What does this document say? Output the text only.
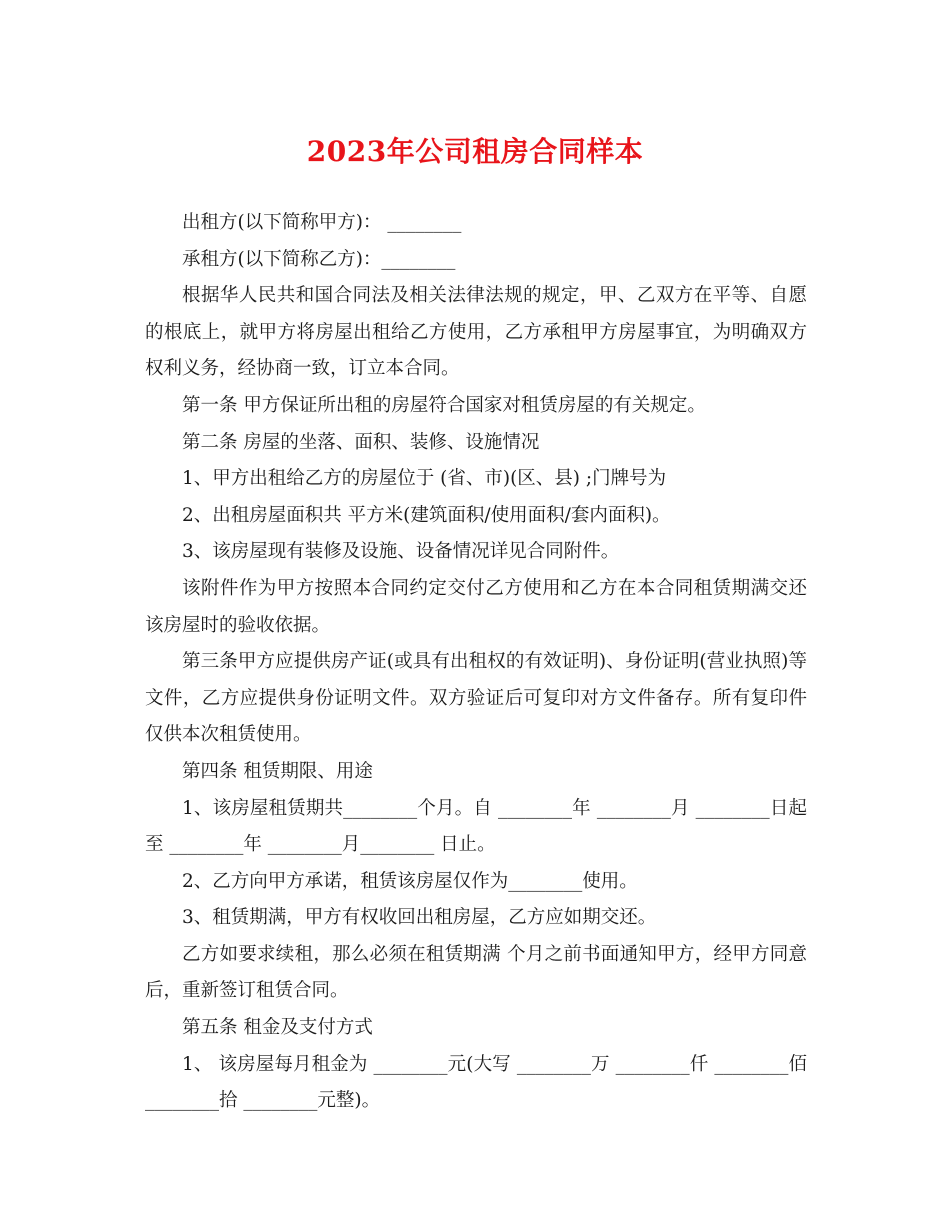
2023年公司租房合同样本

出租方(以下简称甲方)： ________

承租方(以下简称乙方)：________

根据华人民共和国合同法及相关法律法规的规定，甲、乙双方在平等、自愿的根底上，就甲方将房屋出租给乙方使用，乙方承租甲方房屋事宜，为明确双方权利义务，经协商一致，订立本合同。

第一条 甲方保证所出租的房屋符合国家对租赁房屋的有关规定。

第二条 房屋的坐落、面积、装修、设施情况

1、甲方出租给乙方的房屋位于 (省、市)(区、县) ;门牌号为

2、出租房屋面积共 平方米(建筑面积/使用面积/套内面积)。

3、该房屋现有装修及设施、设备情况详见合同附件。

该附件作为甲方按照本合同约定交付乙方使用和乙方在本合同租赁期满交还该房屋时的验收依据。

第三条甲方应提供房产证(或具有出租权的有效证明)、身份证明(营业执照)等文件，乙方应提供身份证明文件。双方验证后可复印对方文件备存。所有复印件仅供本次租赁使用。

第四条 租赁期限、用途

1、该房屋租赁期共________个月。自 ________年 ________月 ________日起至 ________年 ________月________ 日止。

2、乙方向甲方承诺，租赁该房屋仅作为________使用。

3、租赁期满，甲方有权收回出租房屋，乙方应如期交还。

乙方如要求续租，那么必须在租赁期满 个月之前书面通知甲方，经甲方同意后，重新签订租赁合同。

第五条 租金及支付方式

1、 该房屋每月租金为 ________元(大写 ________万 ________仟 ________佰 ________拾 ________元整)。
